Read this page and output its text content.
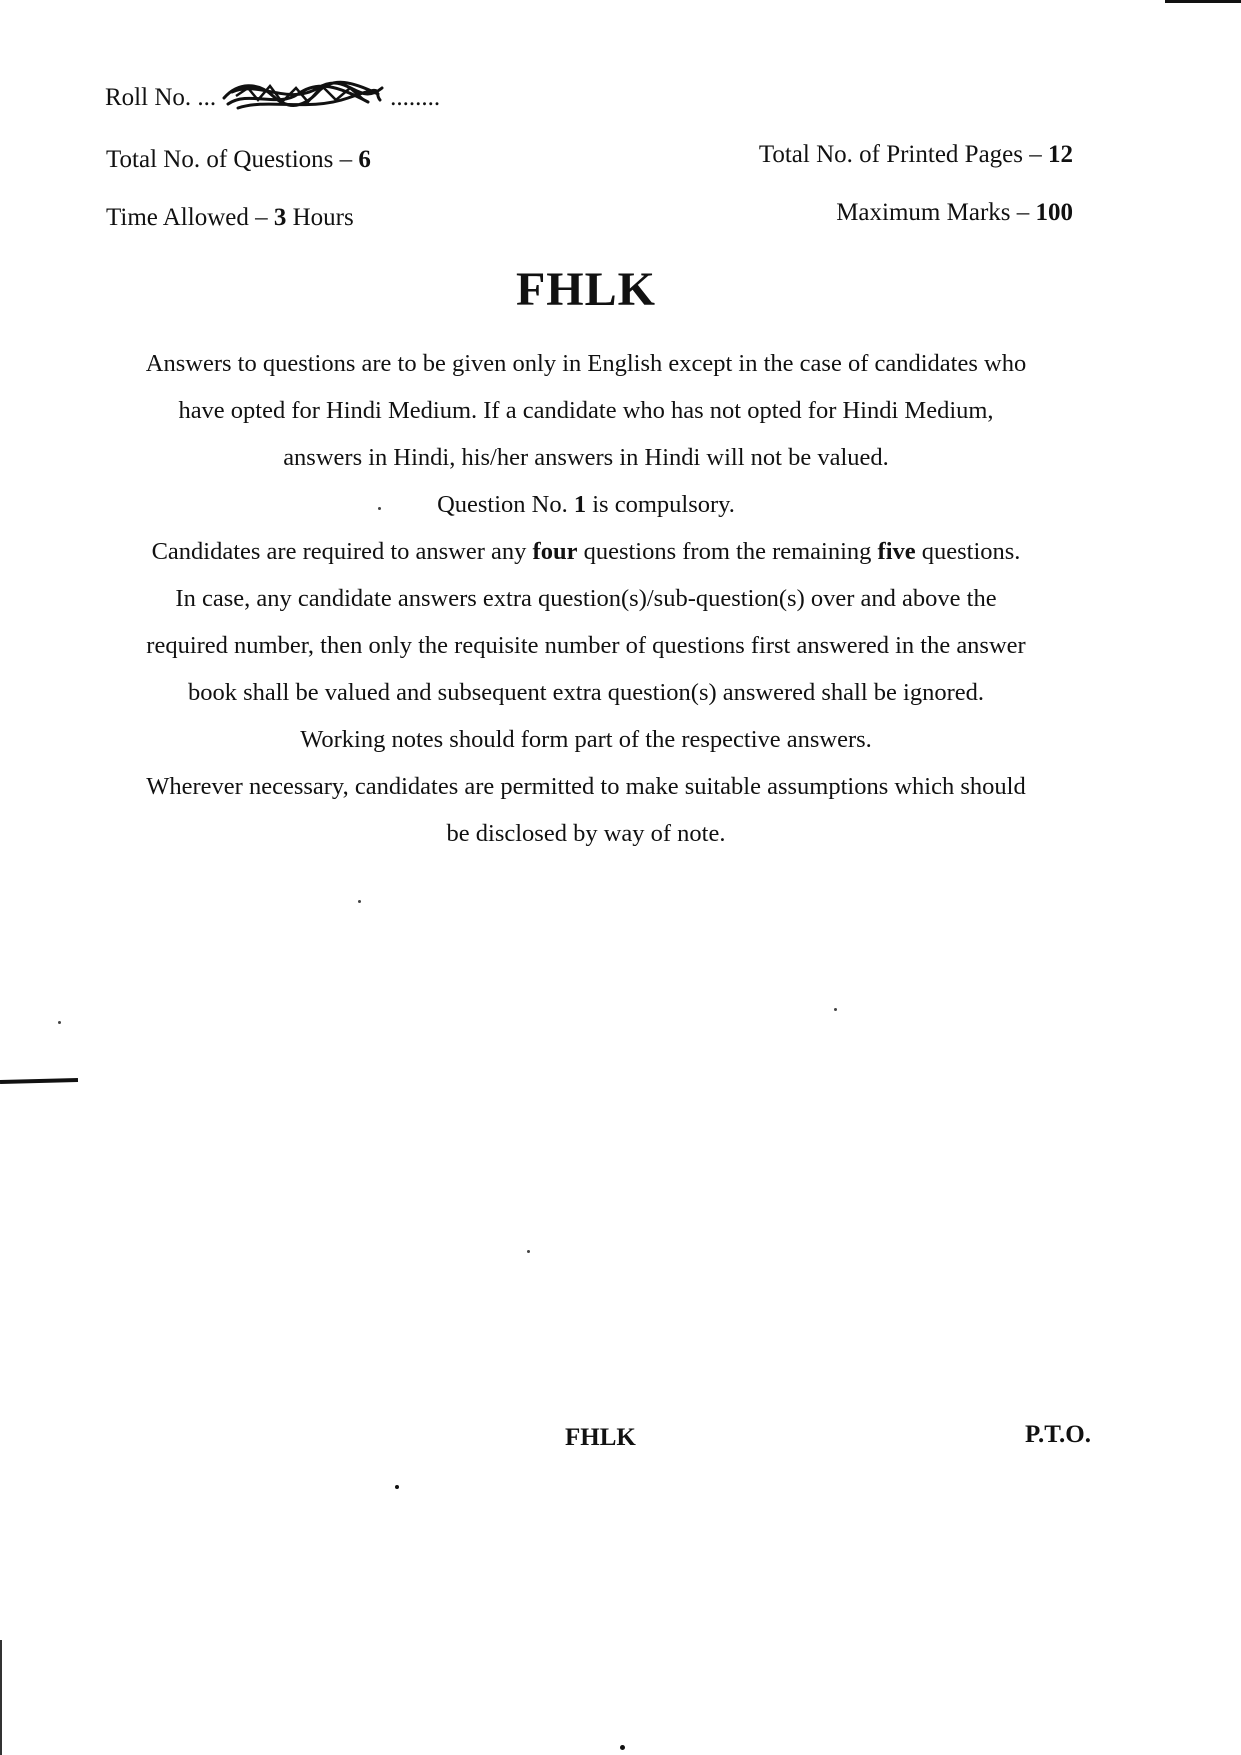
Roll No. ...	........
Total No. of Questions – 6	Total No. of Printed Pages – 12
Time Allowed – 3 Hours	Maximum Marks – 100
FHLK

Answers to questions are to be given only in English except in the case of candidates who

have opted for Hindi Medium. If a candidate who has not opted for Hindi Medium,

answers in Hindi, his/her answers in Hindi will not be valued.

Question No. 1 is compulsory.

Candidates are required to answer any four questions from the remaining five questions.

In case, any candidate answers extra question(s)/sub-question(s) over and above the

required number, then only the requisite number of questions first answered in the answer

book shall be valued and subsequent extra question(s) answered shall be ignored.

Working notes should form part of the respective answers.

Wherever necessary, candidates are permitted to make suitable assumptions which should

be disclosed by way of note.

FHLK	P.T.O.
